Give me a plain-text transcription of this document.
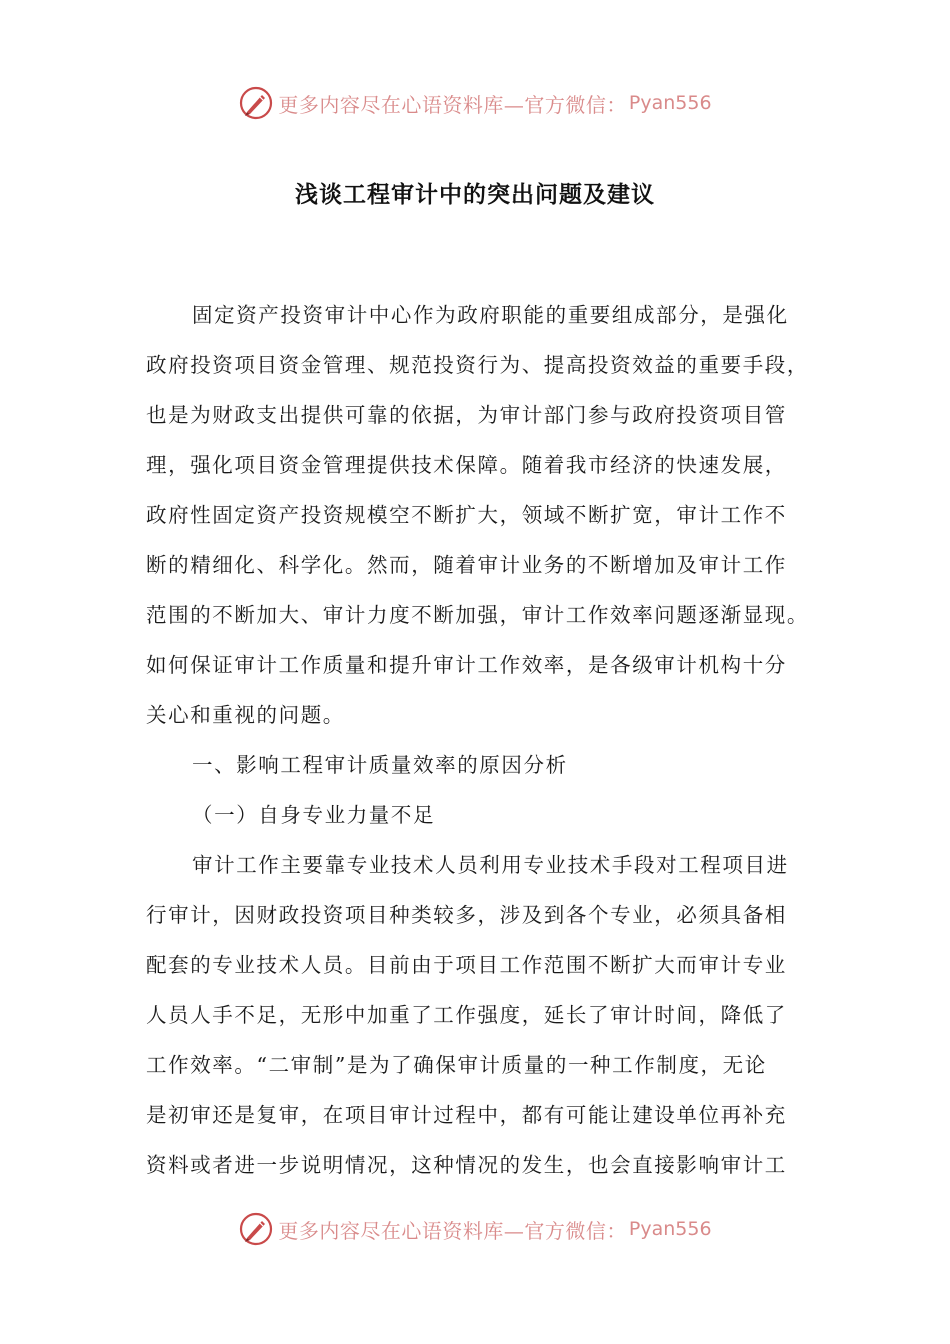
更多内容尽在心语资料库—官方微信： Pyan556
浅谈工程审计中的突出问题及建议
固定资产投资审计中心作为政府职能的重要组成部分，是强化
政府投资项目资金管理、规范投资行为、提高投资效益的重要手段，
也是为财政支出提供可靠的依据，为审计部门参与政府投资项目管
理，强化项目资金管理提供技术保障。随着我市经济的快速发展，
政府性固定资产投资规模空不断扩大，领域不断扩宽，审计工作不
断的精细化、科学化。然而，随着审计业务的不断增加及审计工作
范围的不断加大、审计力度不断加强，审计工作效率问题逐渐显现。
如何保证审计工作质量和提升审计工作效率，是各级审计机构十分
关心和重视的问题。
一、影响工程审计质量效率的原因分析
（一）自身专业力量不足
审计工作主要靠专业技术人员利用专业技术手段对工程项目进
行审计，因财政投资项目种类较多，涉及到各个专业，必须具备相
配套的专业技术人员。目前由于项目工作范围不断扩大而审计专业
人员人手不足，无形中加重了工作强度，延长了审计时间，降低了
工作效率。“二审制”是为了确保审计质量的一种工作制度，无论
是初审还是复审，在项目审计过程中，都有可能让建设单位再补充
资料或者进一步说明情况，这种情况的发生，也会直接影响审计工
更多内容尽在心语资料库—官方微信： Pyan556
